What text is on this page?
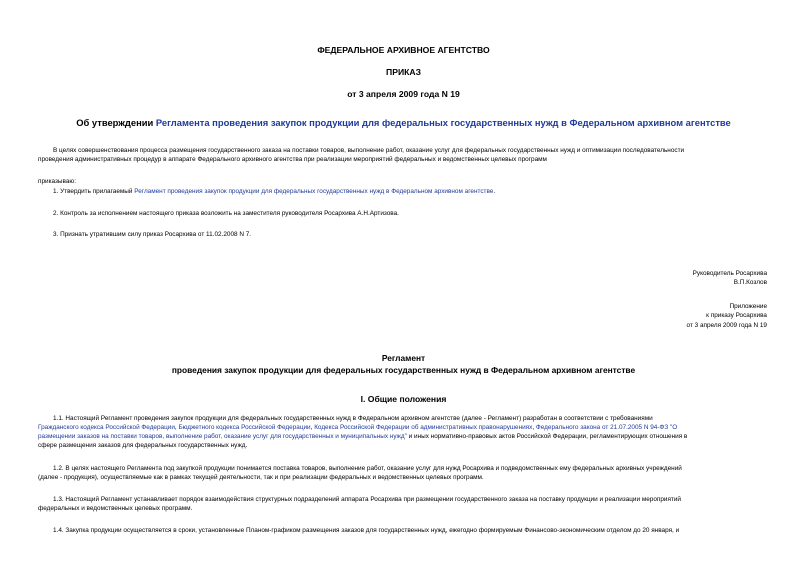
ФЕДЕРАЛЬНОЕ АРХИВНОЕ АГЕНТСТВО
ПРИКАЗ
от 3 апреля 2009 года N 19
Об утверждении Регламента проведения закупок продукции для федеральных государственных нужд в Федеральном архивном агентстве
В целях совершенствования процесса размещения государственного заказа на поставки товаров, выполнение работ, оказание услуг для федеральных государственных нужд и оптимизации последовательности
проведения административных процедур в аппарате Федерального архивного агентства при реализации мероприятий федеральных и ведомственных целевых программ
приказываю:
1. Утвердить прилагаемый Регламент проведения закупок продукции для федеральных государственных нужд в Федеральном архивном агентстве.
2. Контроль за исполнением настоящего приказа возложить на заместителя руководителя Росархива А.Н.Артизова.
3. Признать утратившим силу приказ Росархива от 11.02.2008 N 7.
Руководитель Росархива
В.П.Козлов
Приложение
к приказу Росархива
от 3 апреля 2009 года N 19
Регламент
проведения закупок продукции для федеральных государственных нужд в Федеральном архивном агентстве
I. Общие положения
1.1. Настоящий Регламент проведения закупок продукции для федеральных государственных нужд в Федеральном архивном агентстве (далее - Регламент) разработан в соответствии с требованиями
Гражданского кодекса Российской Федерации, Бюджетного кодекса Российской Федерации, Кодекса Российской Федерации об административных правонарушениях, Федерального закона от 21.07.2005 N 94-ФЗ "О
размещении заказов на поставки товаров, выполнение работ, оказание услуг для государственных и муниципальных нужд" и иных нормативно-правовых актов Российской Федерации, регламентирующих отношения в
сфере размещения заказов для федеральных государственных нужд.
1.2. В целях настоящего Регламента под закупкой продукции понимается поставка товаров, выполнение работ, оказание услуг для нужд Росархива и подведомственных ему федеральных архивных учреждений
(далее - продукция), осуществляемые как в рамках текущей деятельности, так и при реализации федеральных и ведомственных целевых программ.
1.3. Настоящий Регламент устанавливает порядок взаимодействия структурных подразделений аппарата Росархива при размещении государственного заказа на поставку продукции и реализации мероприятий
федеральных и ведомственных целевых программ.
1.4. Закупка продукции осуществляется в сроки, установленные Планом-графиком размещения заказов для государственных нужд, ежегодно формируемым Финансово-экономическим отделом до 20 января, и
